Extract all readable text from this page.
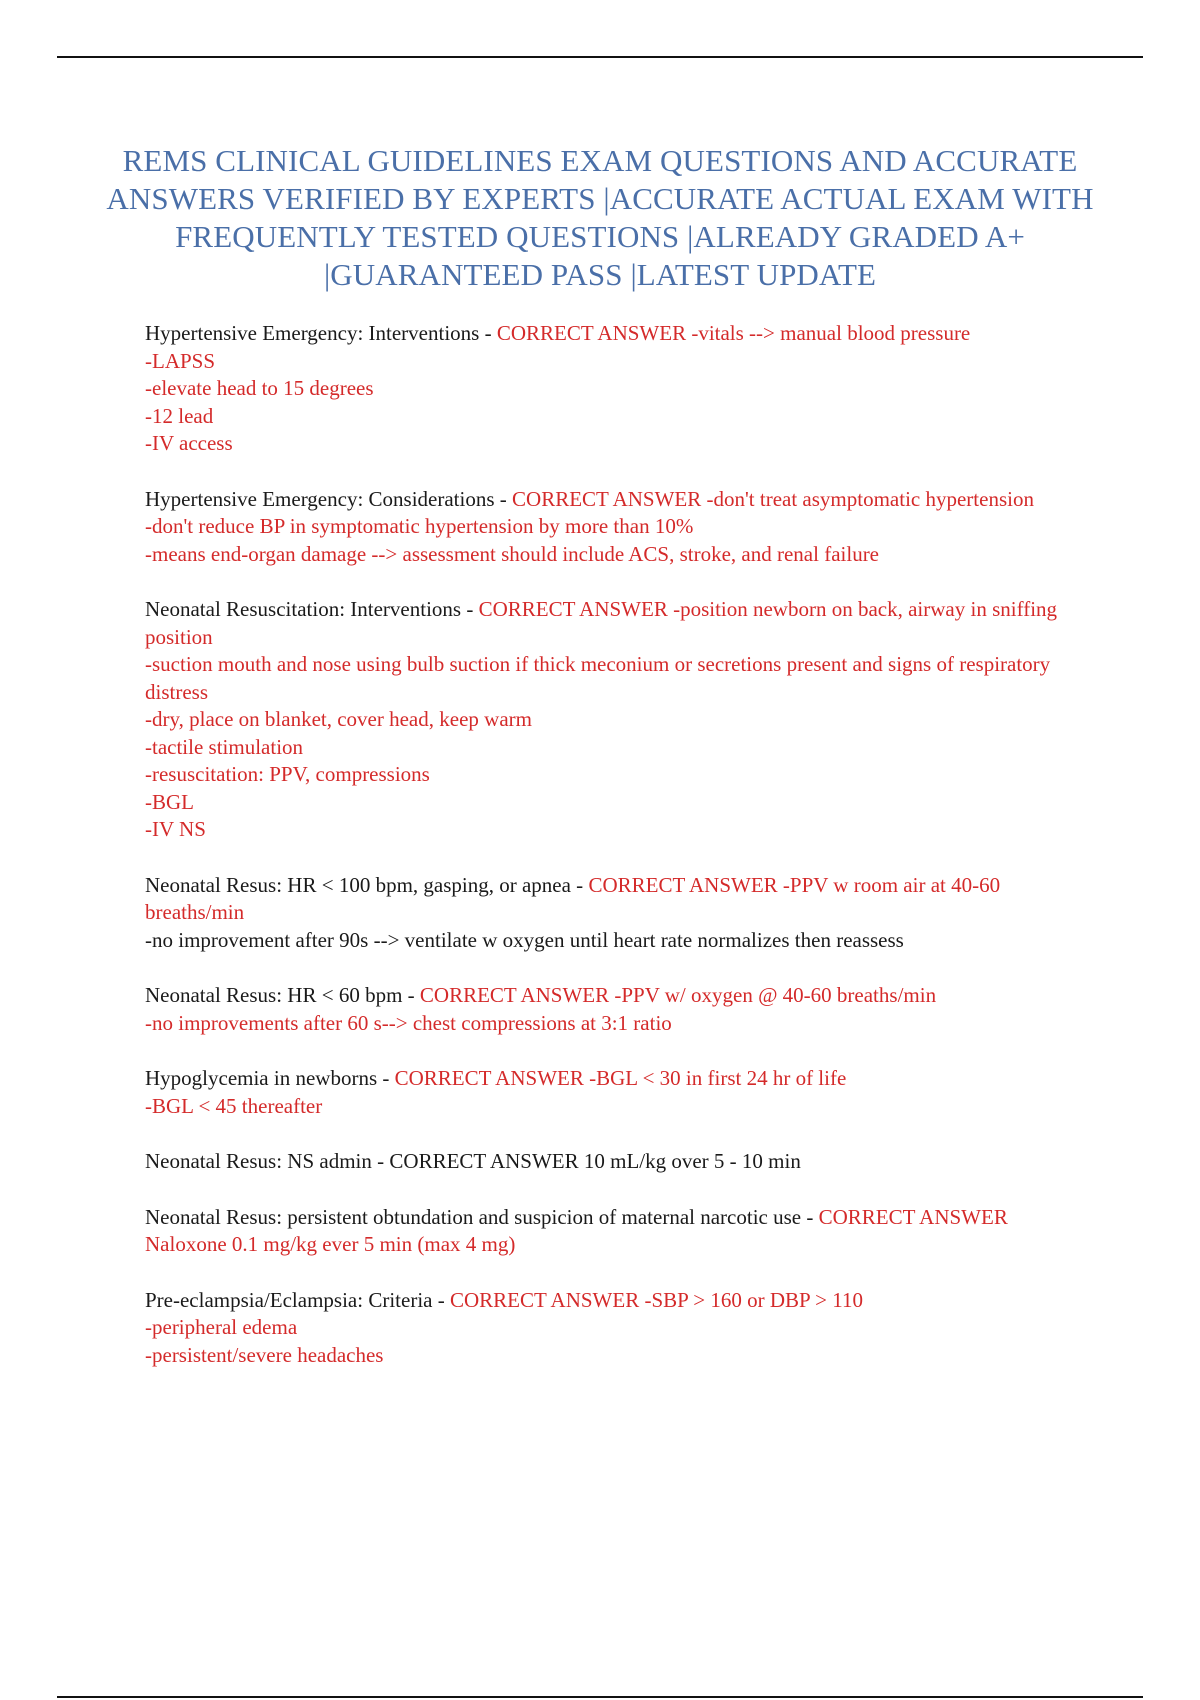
REMS CLINICAL GUIDELINES EXAM QUESTIONS AND ACCURATE ANSWERS VERIFIED BY EXPERTS |ACCURATE ACTUAL EXAM WITH FREQUENTLY TESTED QUESTIONS |ALREADY GRADED A+ |GUARANTEED PASS |LATEST UPDATE
Hypertensive Emergency: Interventions - CORRECT ANSWER -vitals --> manual blood pressure
-LAPSS
-elevate head to 15 degrees
-12 lead
-IV access
Hypertensive Emergency: Considerations - CORRECT ANSWER -don't treat asymptomatic hypertension
-don't reduce BP in symptomatic hypertension by more than 10%
-means end-organ damage --> assessment should include ACS, stroke, and renal failure
Neonatal Resuscitation: Interventions - CORRECT ANSWER -position newborn on back, airway in sniffing position
-suction mouth and nose using bulb suction if thick meconium or secretions present and signs of respiratory distress
-dry, place on blanket, cover head, keep warm
-tactile stimulation
-resuscitation: PPV, compressions
-BGL
-IV NS
Neonatal Resus: HR < 100 bpm, gasping, or apnea - CORRECT ANSWER -PPV w room air at 40-60 breaths/min
-no improvement after 90s --> ventilate w oxygen until heart rate normalizes then reassess
Neonatal Resus: HR < 60 bpm - CORRECT ANSWER -PPV w/ oxygen @ 40-60 breaths/min
-no improvements after 60 s--> chest compressions at 3:1 ratio
Hypoglycemia in newborns - CORRECT ANSWER -BGL < 30 in first 24 hr of life
-BGL < 45 thereafter
Neonatal Resus: NS admin - CORRECT ANSWER 10 mL/kg over 5 - 10 min
Neonatal Resus: persistent obtundation and suspicion of maternal narcotic use - CORRECT ANSWER Naloxone 0.1 mg/kg ever 5 min (max 4 mg)
Pre-eclampsia/Eclampsia: Criteria - CORRECT ANSWER -SBP > 160 or DBP > 110
-peripheral edema
-persistent/severe headaches
